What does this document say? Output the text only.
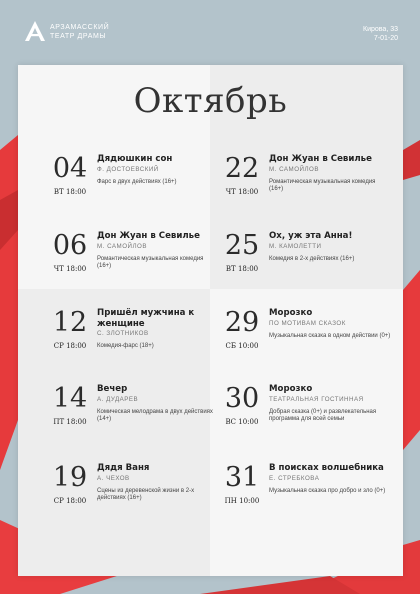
АРЗАМАССКИЙ
ТЕАТР ДРАМЫ
Кирова, 33
7-01-20
Октябрь
04
ВТ 18:00
Дядюшкин сон
Ф. ДОСТОЕВСКИЙ
Фарс в двух действиях (16+)
06
ЧТ 18:00
Дон Жуан в Севилье
М. САМОЙЛОВ
Романтическая музыкальная комедия (16+)
12
СР 18:00
Пришёл мужчина к женщине
С. ЗЛОТНИКОВ
Комедия-фарс (18+)
14
ПТ 18:00
Вечер
А. ДУДАРЕВ
Комическая мелодрама в двух действиях (14+)
19
СР 18:00
Дядя Ваня
А. ЧЕХОВ
Сцены из деревенской жизни в 2-х действиях (16+)
22
ЧТ 18:00
Дон Жуан в Севилье
М. САМОЙЛОВ
Романтическая музыкальная комедия (16+)
25
ВТ 18:00
Ох, уж эта Анна!
М. КАМОЛЕТТИ
Комедия в 2-х действиях (16+)
29
СБ 10:00
Морозко
ПО МОТИВАМ СКАЗОК
Музыкальная сказка в одном действии (0+)
30
ВС 10:00
Морозко
ТЕАТРАЛЬНАЯ ГОСТИННАЯ
Добрая сказка (0+) и развлекательная программа для всей семьи
31
ПН 10:00
В поисках волшебника
Е. СТРЕБКОВА
Музыкальная сказка про добро и зло (0+)
